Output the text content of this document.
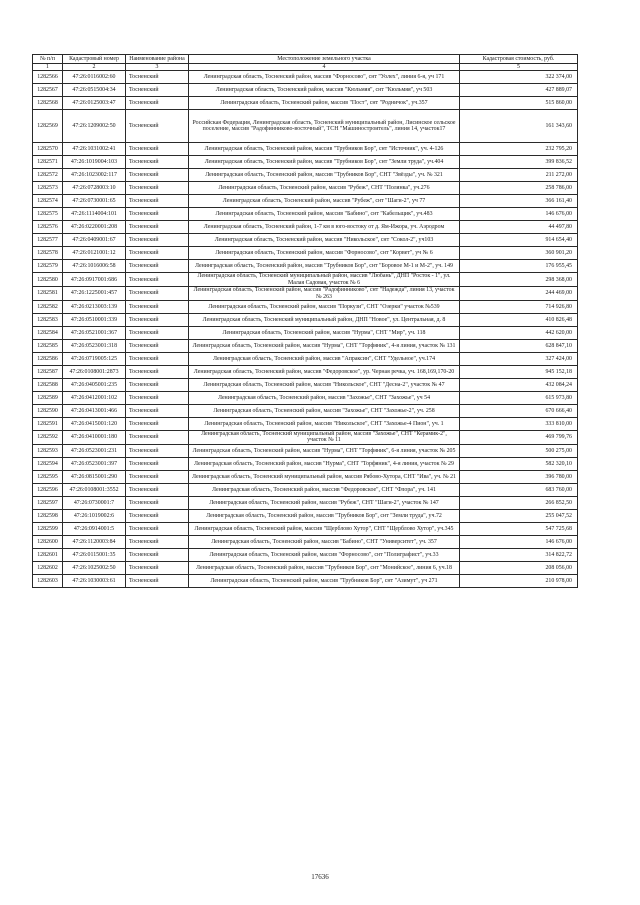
№ п/п	Кадастровый номер	Наименование района	Местоположение земельного участка	Кадастровая стоимость, руб.
1	2	3	4	5
1282566	47:26:0116002:60	Тосненский	Ленинградская область, Тосненский район, массив "Форносово", снт "Уолех", линия 6-я, уч 171	322 374,00
1282567	47:26:0515004:34	Тосненский	Ленинградская область, Тосненский район, массив "Кюльмяя", снт "Кюльмяя", уч 503	427 889,07
1282568	47:26:0125003:47	Тосненский	Ленинградская область, Тосненский район, массив "Пост", снт "Родничок", уч.357	515 860,00
1282569	47:26:1209002:50	Тосненский	Российская Федерация, Ленинградская область, Тосненский муниципальный район, Лисинское сельское поселение, массив "Радофинниково-восточный", ТСН "Машиностроитель", линия 14, участок17	161 343,60
1282570	47:26:1031002:41	Тосненский	Ленинградская область, Тосненский район, массив "Трубников Бор", снт "Источник", уч. 4-126	232 795,20
1282571	47:26:1019004:103	Тосненский	Ленинградская область, Тосненский район, массив "Трубников Бор", снт "Земли труда", уч.404	399 836,52
1282572	47:26:1023002:117	Тосненский	Ленинградская область, Тосненский район, массив "Трубников Бор", СНТ "Звёзды", уч. № 321	211 272,00
1282573	47:26:0728003:10	Тосненский	Ленинградская область, Тосненский район, массив "Рубеж", СНТ "Полянка", уч.276	258 786,00
1282574	47:26:0730001:65	Тосненский	Ленинградская область, Тосненский район, массив "Рубеж", снт "Шаги-2", уч 77	366 161,40
1282575	47:26:1114004:101	Тосненский	Ленинградская область, Тосненский район, массив "Бабино", снт "Кабельщик", уч.483	146 676,00
1282576	47:26:0220001:208	Тосненский	Ленинградская область, Тосненский район, 1-7 км в юго-востоку от д. Ям-Ижора, уч. Аэродром	44 497,80
1282577	47:26:0409001:67	Тосненский	Ленинградская область, Тосненский район, массив "Никольское", снт "Сокол-2", уч103	914 654,40
1282578	47:26:0121001:12	Тосненский	Ленинградская область, Тосненский район, массив "Форносово", снт "Корвет", уч № 6	360 901,20
1282579	47:26:1016006:58	Тосненский	Ленинградская область, Тосненский район, массив "Трубников Бор", снт "Боровое М-1 и М-2", уч. 149	176 955,45
1282580	47:26:0917001:686	Тосненский	Ленинградская область, Тосненский муниципальный район, массив "Любань", ДНП "Росток - 1", ул. Малая Садовая, участок № 6	298 368,00
1282581	47:26:1225001:457	Тосненский	Ленинградская область, Тосненский район, массив "Радофинниково", снт "Надежда", линия 13, участок № 263	244 469,00
1282582	47:26:0213003:139	Тосненский	Ленинградская область, Тосненский район, массив "Поркузи", СНТ "Озерки" участок №539	714 926,80
1282583	47:26:0510001:339	Тосненский	Ленинградская область, Тосненский муниципальный район, ДНП "Новое", ул. Центральная, д. 8	410 826,48
1282584	47:26:0521001:367	Тосненский	Ленинградская область, Тосненский район, массив "Нурма", СНТ "Мир", уч. 118	442 620,00
1282585	47:26:0523001:318	Тосненский	Ленинградская область, Тосненский район, массив "Нурма", СНТ "Торфяник", 4-я линия, участок № 131	628 847,10
1282586	47:26:0719005:125	Тосненский	Ленинградская область, Тосненский район, массив "Апраксин", СНТ "Удельное", уч.174	327 424,00
1282587	47:26:0108001:2873	Тосненский	Ленинградская область, Тосненский район, массив "Федоровское", ур. Черная речка, уч. 168,169,170-20	945 152,18
1282588	47:26:0405001:235	Тосненский	Ленинградская область, Тосненский район, массив "Никольское", СНТ "Десна-2", участок № 47	432 084,24
1282589	47:26:0412001:102	Тосненский	Ленинградская область, Тосненский район, массив "Захожье", СНТ "Захожье", уч 54	615 973,80
1282590	47:26:0413001:466	Тосненский	Ленинградская область, Тосненский район, массив "Захожье", СНТ "Захожье-2", уч. 258	670 666,40
1282591	47:26:0415001:120	Тосненский	Ленинградская область, Тосненский район, массив "Никольское", СНТ "Захожье-4 Пион", уч. 1	333 810,00
1282592	47:26:0410001:180	Тосненский	Ленинградская область, Тосненский муниципальный район, массив "Захожье", СНТ "Керамик-2", участок № 11	469 799,76
1282593	47:26:0523001:231	Тосненский	Ленинградская область, Тосненский район, массив "Нурма", СНТ "Торфяник", 6-я линия, участок № 205	500 275,00
1282594	47:26:0523001:397	Тосненский	Ленинградская область, Тосненский район, массив "Нурма", СНТ "Торфяник", 4-я линия, участок № 29	582 320,10
1282595	47:26:0815001:290	Тосненский	Ленинградская область, Тосненский муниципальный район, массив Рябово-Хутора, СНТ "Ива", уч. № 21	396 780,00
1282596	47:26:0108001:3552	Тосненский	Ленинградская область, Тосненский район, массив "Федоровское", СНТ "Флора", уч. 141	683 760,00
1282597	47:26:0730001:7	Тосненский	Ленинградская область, Тосненский район, массив "Рубеж", СНТ "Шаги-2", участок № 147	266 852,50
1282598	47:26:1019002:6	Тосненский	Ленинградская область, Тосненский район, массив "Трубников Бор", снт "Земли труда", уч.72	255 047,52
1282599	47:26:0914001:5	Тосненский	Ленинградская область, Тосненский район, массив "Щерблово Хутор", СНТ "Щерблово Хутор", уч.345	547 725,68
1282600	47:26:1120003:84	Тосненский	Ленинградская область, Тосненский район, массив "Бабино", СНТ "Университет", уч. 357	146 676,00
1282601	47:26:0115001:35	Тосненский	Ленинградская область, Тосненский район, массив "Форносово", снт "Полиграфист", уч.33	314 822,72
1282602	47:26:1025002:50	Тосненский	Ленинградская область, Тосненский район, массив "Трубников Бор", снт "Монийское", линия 6, уч.18	208 056,00
1282603	47:26:1030003:61	Тосненский	Ленинградская область, Тосненский район, массив "Трубников Бор", снт "Азимут", уч 271	210 978,00
17636
